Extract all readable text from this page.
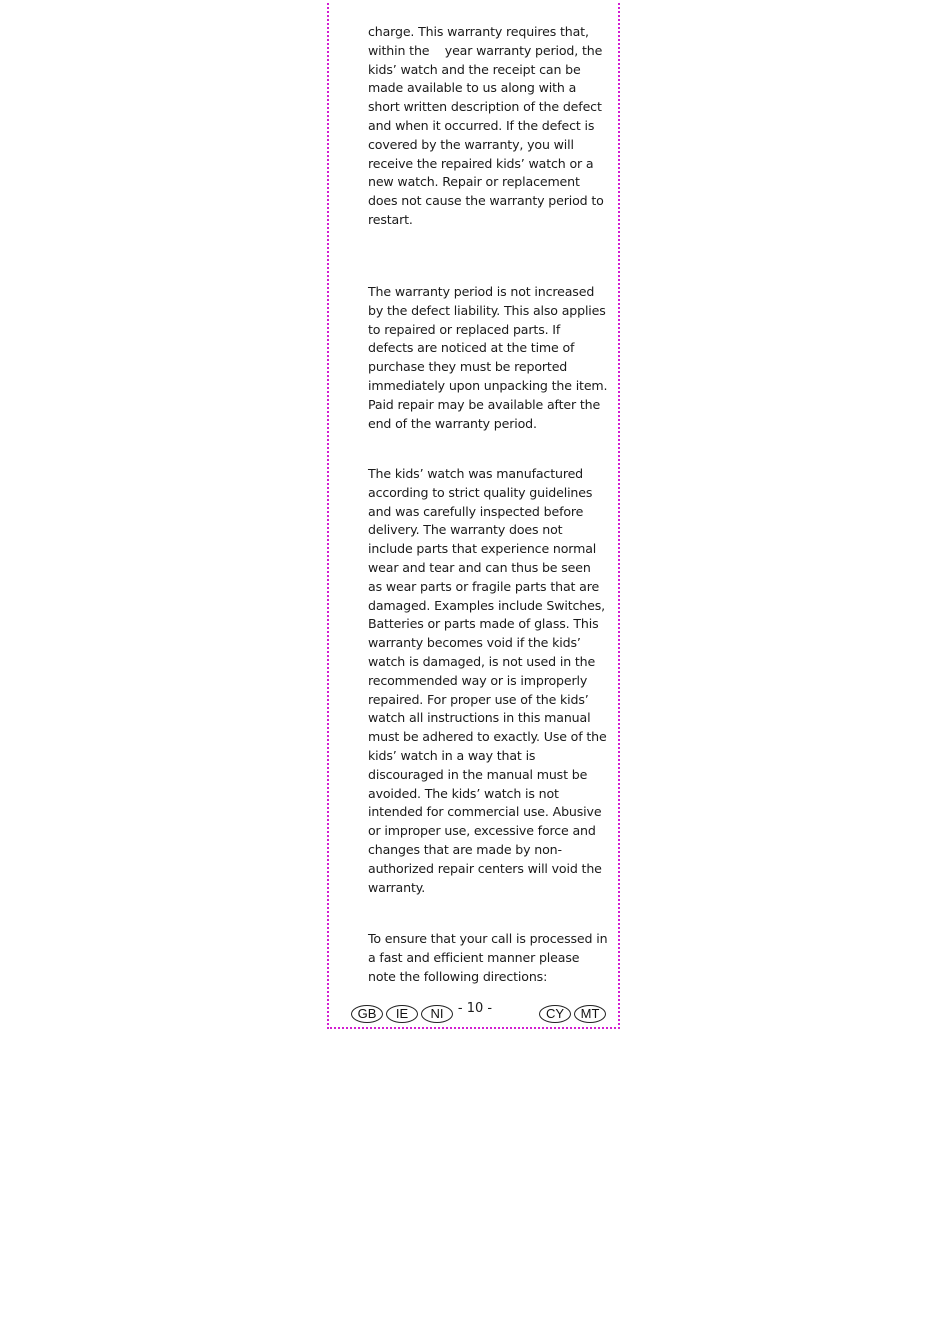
charge. This warranty requires that, within the    year warranty period, the kids’ watch and the receipt can be made available to us along with a short written description of the defect and when it occurred. If the defect is covered by the warranty, you will receive the repaired kids’ watch or a new watch. Repair or replacement does not cause the warranty period to restart.

The warranty period is not increased by the defect liability. This also applies to repaired or replaced parts. If defects are noticed at the time of purchase they must be reported immediately upon unpacking the item. Paid repair may be available after the end of the warranty period.

The kids’ watch was manufactured according to strict quality guidelines and was carefully inspected before delivery. The warranty does not include parts that experience normal wear and tear and can thus be seen as wear parts or fragile parts that are damaged. Examples include Switches, Batteries or parts made of glass. This warranty becomes void if the kids’ watch is damaged, is not used in the recommended way or is improperly repaired. For proper use of the kids’ watch all instructions in this manual must be adhered to exactly. Use of the kids’ watch in a way that is discouraged in the manual must be avoided. The kids’ watch is not intended for commercial use. Abusive or improper use, excessive force and changes that are made by non-authorized repair centers will void the warranty.

To ensure that your call is processed in a fast and efficient manner please note the following directions:

GB	IE	NI	- 10 -	CY	MT
